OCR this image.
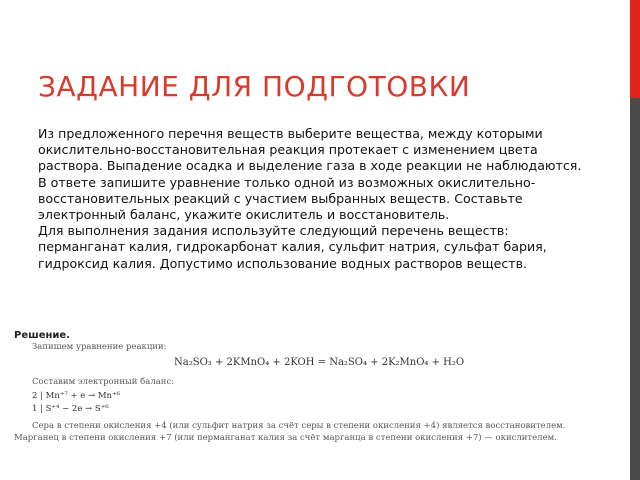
ЗАДАНИЕ ДЛЯ ПОДГОТОВКИ

Из предложенного перечня веществ выберите вещества, между которыми окислительно-восстановительная реакция протекает с изменением цвета раствора. Выпадение осадка и выделение газа в ходе реакции не наблюдаются. В ответе запишите уравнение только одной из возможных окислительно-восстановительных реакций с участием выбранных веществ. Составьте электронный баланс, укажите окислитель и восстановитель.

Для выполнения задания используйте следующий перечень веществ: перманганат калия, гидрокарбонат калия, сульфит натрия, сульфат бария, гидроксид калия. Допустимо использование водных растворов веществ.

Решение.
Запишем уравнение реакции:
Na₂SO₃ + 2KMnO₄ + 2KOH = Na₂SO₄ + 2K₂MnO₄ + H₂O
Составим электронный баланс:
2 | Mn⁺⁷ + e → Mn⁺⁶
1 | S⁺⁴ − 2e → S⁺⁶
Сера в степени окисления +4 (или сульфит натрия за счёт серы в степени окисления +4) является восстановителем.
Марганец в степени окисления +7 (или перманганат калия за счёт марганца в степени окисления +7) — окислителем.
